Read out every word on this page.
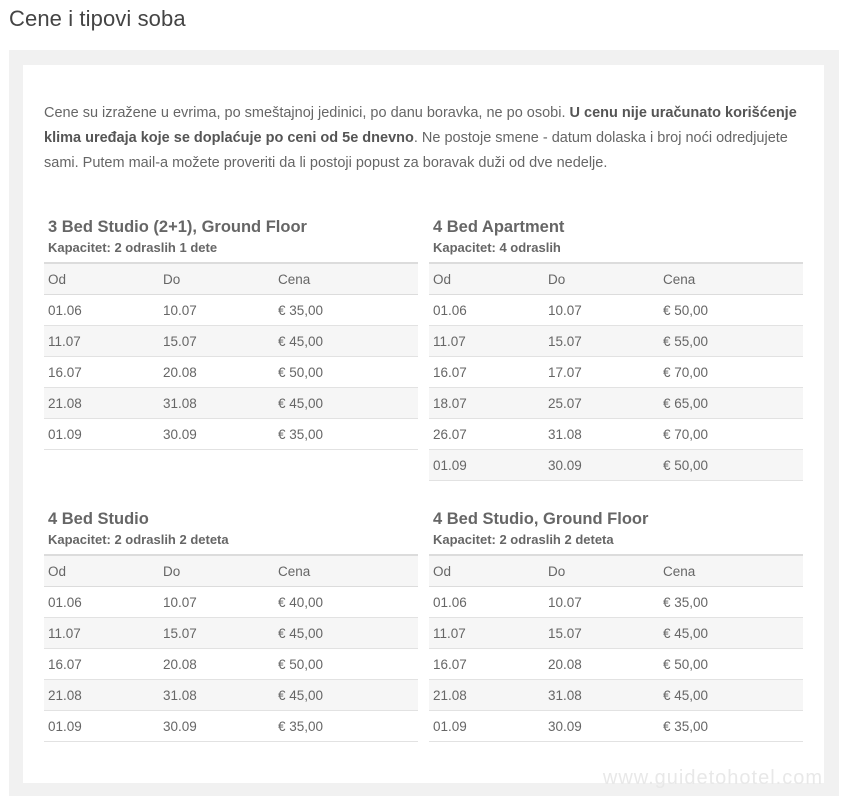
Cene i tipovi soba

Cene su izražene u evrima, po smeštajnoj jedinici, po danu boravka, ne po osobi. U cenu nije uračunato korišćenje klima uređaja koje se doplaćuje po ceni od 5e dnevno. Ne postoje smene - datum dolaska i broj noći odredjujete sami. Putem mail-a možete proveriti da li postoji popust za boravak duži od dve nedelje.

3 Bed Studio (2+1), Ground Floor
Kapacitet: 2 odraslih 1 dete
Od	Do	Cena
01.06	10.07	€ 35,00
11.07	15.07	€ 45,00
16.07	20.08	€ 50,00
21.08	31.08	€ 45,00
01.09	30.09	€ 35,00
4 Bed Apartment
Kapacitet: 4 odraslih
Od	Do	Cena
01.06	10.07	€ 50,00
11.07	15.07	€ 55,00
16.07	17.07	€ 70,00
18.07	25.07	€ 65,00
26.07	31.08	€ 70,00
01.09	30.09	€ 50,00
4 Bed Studio
Kapacitet: 2 odraslih 2 deteta
Od	Do	Cena
01.06	10.07	€ 40,00
11.07	15.07	€ 45,00
16.07	20.08	€ 50,00
21.08	31.08	€ 45,00
01.09	30.09	€ 35,00
4 Bed Studio, Ground Floor
Kapacitet: 2 odraslih 2 deteta
Od	Do	Cena
01.06	10.07	€ 35,00
11.07	15.07	€ 45,00
16.07	20.08	€ 50,00
21.08	31.08	€ 45,00
01.09	30.09	€ 35,00
www.guidetohotel.com
